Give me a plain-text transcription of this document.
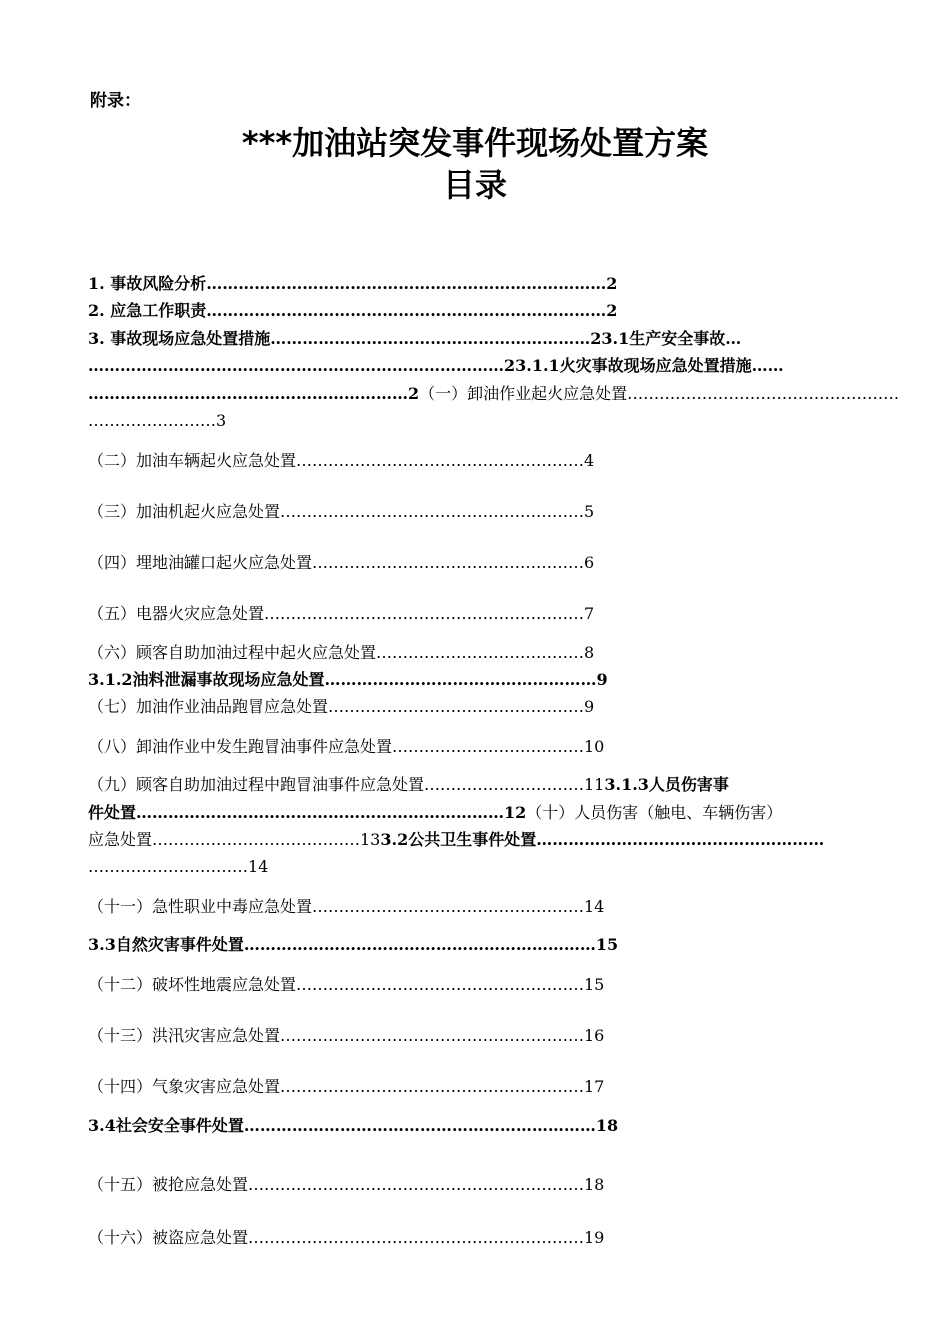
附录：
***加油站突发事件现场处置方案
目录
1. 事故风险分析…………………………………………………………………2
2. 应急工作职责…………………………………………………………………2
3. 事故现场应急处置措施……………………………………………………23.1生产安全事故…
……………………………………………………………………23.1.1火灾事故现场应急处置措施……
……………………………………………………2（一）卸油作业起火应急处置……………………………………………
……………………3
（二）加油车辆起火应急处置………………………………………………4
（三）加油机起火应急处置…………………………………………………5
（四）埋地油罐口起火应急处置……………………………………………6
（五）电器火灾应急处置……………………………………………………7
（六）顾客自助加油过程中起火应急处置…………………………………8
3.1.2油料泄漏事故现场应急处置……………………………………………9
（七）加油作业油品跑冒应急处置…………………………………………9
（八）卸油作业中发生跑冒油事件应急处置………………………………10
（九）顾客自助加油过程中跑冒油事件应急处置…………………………113.1.3人员伤害事
件处置……………………………………………………………12（十）人员伤害（触电、车辆伤害）
应急处置…………………………………133.2公共卫生事件处置………………………………………………
…………………………14
（十一）急性职业中毒应急处置……………………………………………14
3.3自然灾害事件处置…………………………………………………………15
（十二）破坏性地震应急处置………………………………………………15
（十三）洪汛灾害应急处置…………………………………………………16
（十四）气象灾害应急处置…………………………………………………17
3.4社会安全事件处置…………………………………………………………18
（十五）被抢应急处置………………………………………………………18
（十六）被盗应急处置………………………………………………………19
